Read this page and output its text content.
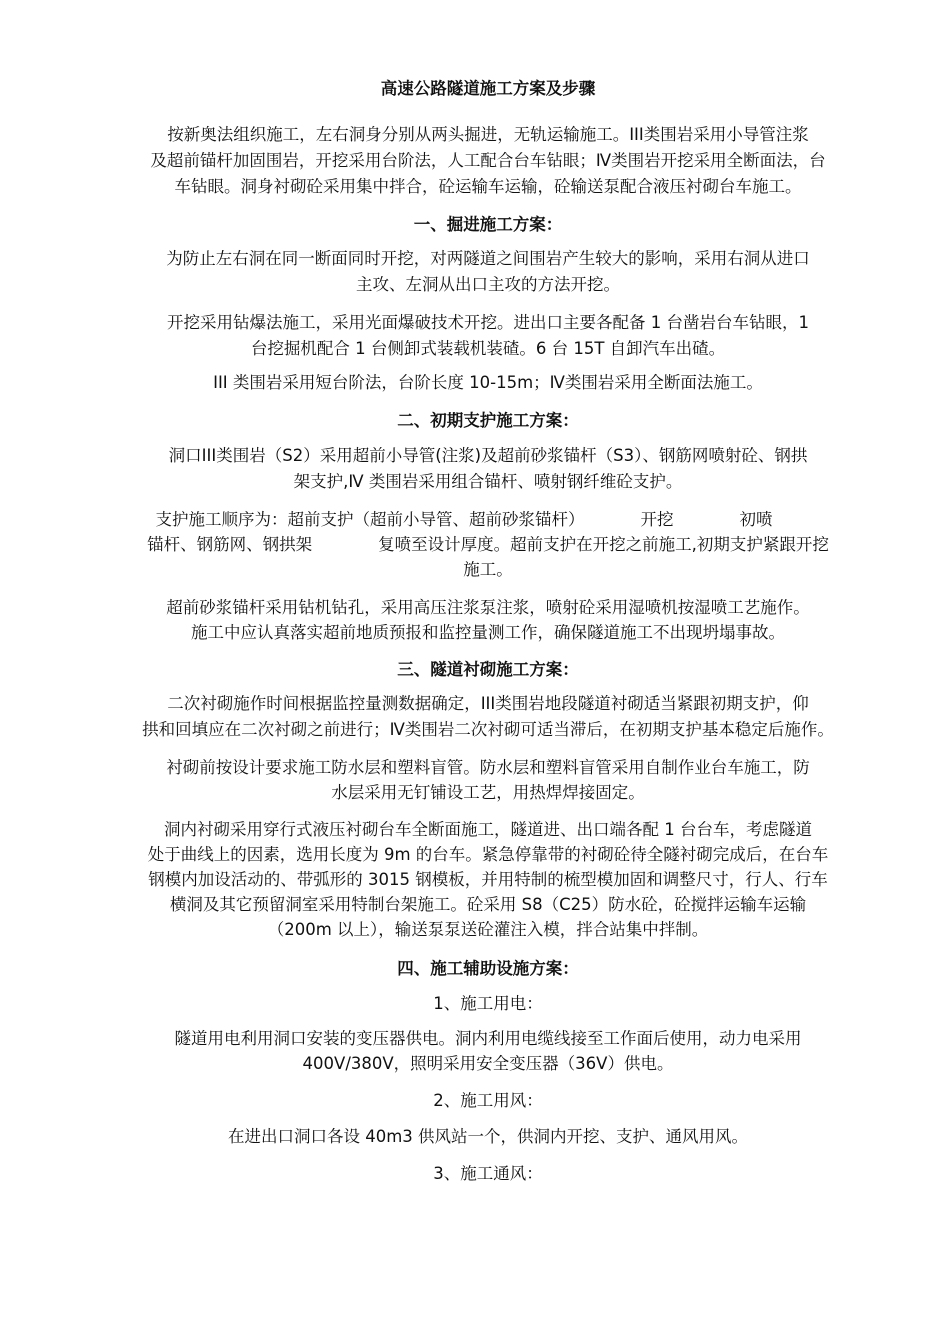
高速公路隧道施工方案及步骤
按新奥法组织施工，左右洞身分别从两头掘进，无轨运输施工。III类围岩采用小导管注浆
及超前锚杆加固围岩，开挖采用台阶法，人工配合台车钻眼；Ⅳ类围岩开挖采用全断面法，台
车钻眼。洞身衬砌砼采用集中拌合，砼运输车运输，砼输送泵配合液压衬砌台车施工。
一、掘进施工方案：
为防止左右洞在同一断面同时开挖，对两隧道之间围岩产生较大的影响，采用右洞从进口
主攻、左洞从出口主攻的方法开挖。
开挖采用钻爆法施工，采用光面爆破技术开挖。进出口主要各配备 1 台凿岩台车钻眼，1
台挖掘机配合 1 台侧卸式装载机装碴。6 台 15T 自卸汽车出碴。
III 类围岩采用短台阶法，台阶长度 10-15m；Ⅳ类围岩采用全断面法施工。
二、初期支护施工方案：
洞口III类围岩（S2）采用超前小导管(注浆)及超前砂浆锚杆（S3）、钢筋网喷射砼、钢拱
架支护,Ⅳ 类围岩采用组合锚杆、喷射钢纤维砼支护。
支护施工顺序为：超前支护（超前小导管、超前砂浆锚杆）	开挖	初喷
锚杆、钢筋网、钢拱架	复喷至设计厚度。超前支护在开挖之前施工,初期支护紧跟开挖
施工。
超前砂浆锚杆采用钻机钻孔，采用高压注浆泵注浆，喷射砼采用湿喷机按湿喷工艺施作。
施工中应认真落实超前地质预报和监控量测工作，确保隧道施工不出现坍塌事故。
三、隧道衬砌施工方案：
二次衬砌施作时间根据监控量测数据确定，III类围岩地段隧道衬砌适当紧跟初期支护，仰
拱和回填应在二次衬砌之前进行；Ⅳ类围岩二次衬砌可适当滞后，在初期支护基本稳定后施作。
衬砌前按设计要求施工防水层和塑料盲管。防水层和塑料盲管采用自制作业台车施工，防
水层采用无钉铺设工艺，用热焊焊接固定。
洞内衬砌采用穿行式液压衬砌台车全断面施工，隧道进、出口端各配 1 台台车，考虑隧道
处于曲线上的因素，选用长度为 9m 的台车。紧急停靠带的衬砌砼待全隧衬砌完成后，在台车
钢模内加设活动的、带弧形的 3015 钢模板，并用特制的梳型模加固和调整尺寸，行人、行车
横洞及其它预留洞室采用特制台架施工。砼采用 S8（C25）防水砼，砼搅拌运输车运输
（200m 以上），输送泵泵送砼灌注入模，拌合站集中拌制。
四、施工辅助设施方案：
1、施工用电：
隧道用电利用洞口安装的变压器供电。洞内利用电缆线接至工作面后使用，动力电采用
400V/380V，照明采用安全变压器（36V）供电。
2、施工用风：
在进出口洞口各设 40m3 供风站一个，供洞内开挖、支护、通风用风。
3、施工通风：
